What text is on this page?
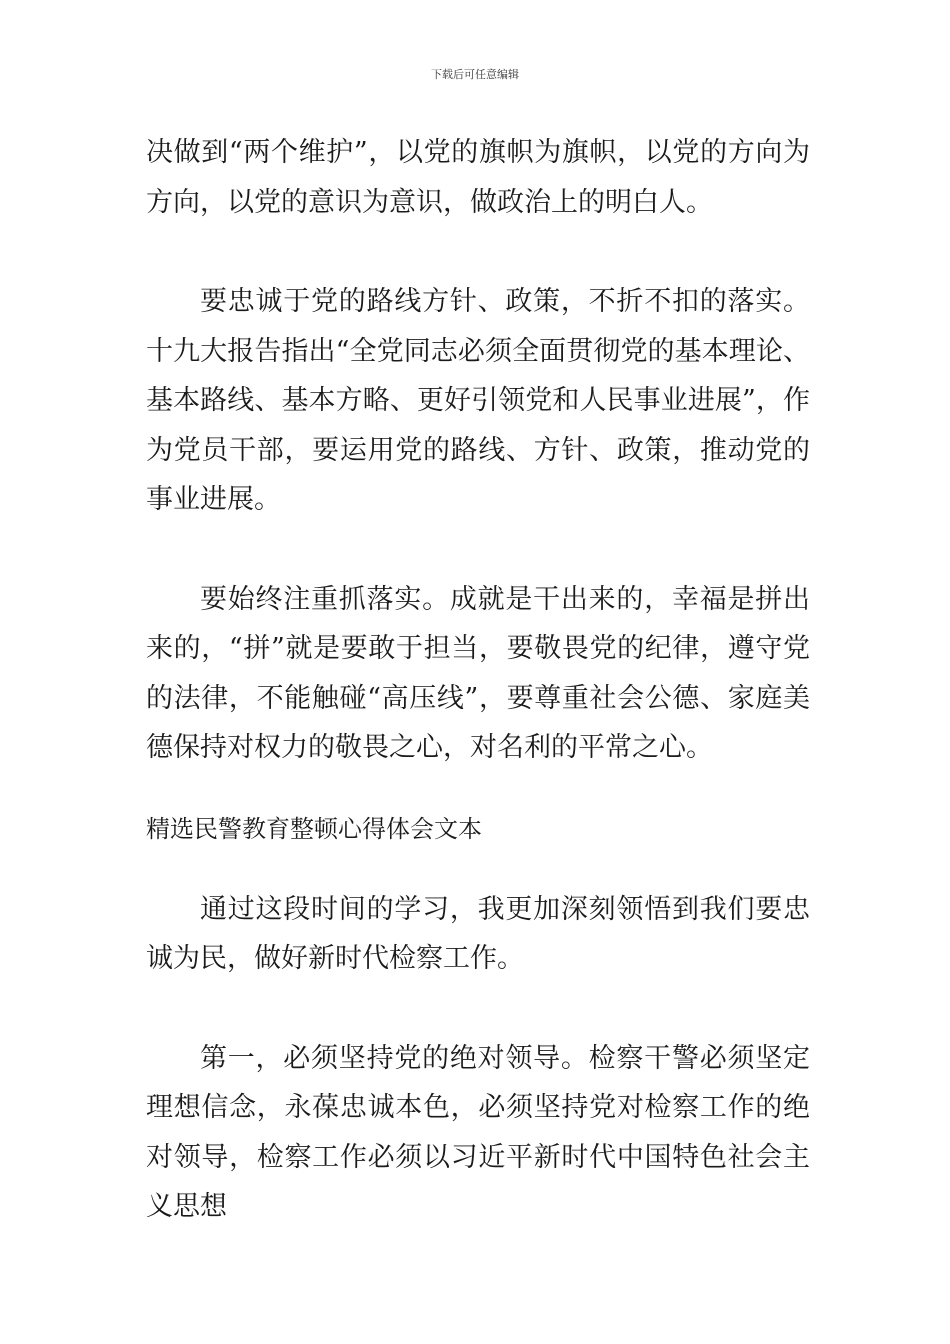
下载后可任意编辑

决做到“两个维护”，以党的旗帜为旗帜，以党的方向为方向，以党的意识为意识，做政治上的明白人。

要忠诚于党的路线方针、政策，不折不扣的落实。十九大报告指出“全党同志必须全面贯彻党的基本理论、基本路线、基本方略、更好引领党和人民事业进展”，作为党员干部，要运用党的路线、方针、政策，推动党的事业进展。

要始终注重抓落实。成就是干出来的，幸福是拼出来的，“拼”就是要敢于担当，要敬畏党的纪律，遵守党的法律，不能触碰“高压线”，要尊重社会公德、家庭美德保持对权力的敬畏之心，对名利的平常之心。

精选民警教育整顿心得体会文本

通过这段时间的学习，我更加深刻领悟到我们要忠诚为民，做好新时代检察工作。

第一，必须坚持党的绝对领导。检察干警必须坚定理想信念，永葆忠诚本色，必须坚持党对检察工作的绝对领导，检察工作必须以习近平新时代中国特色社会主义思想
